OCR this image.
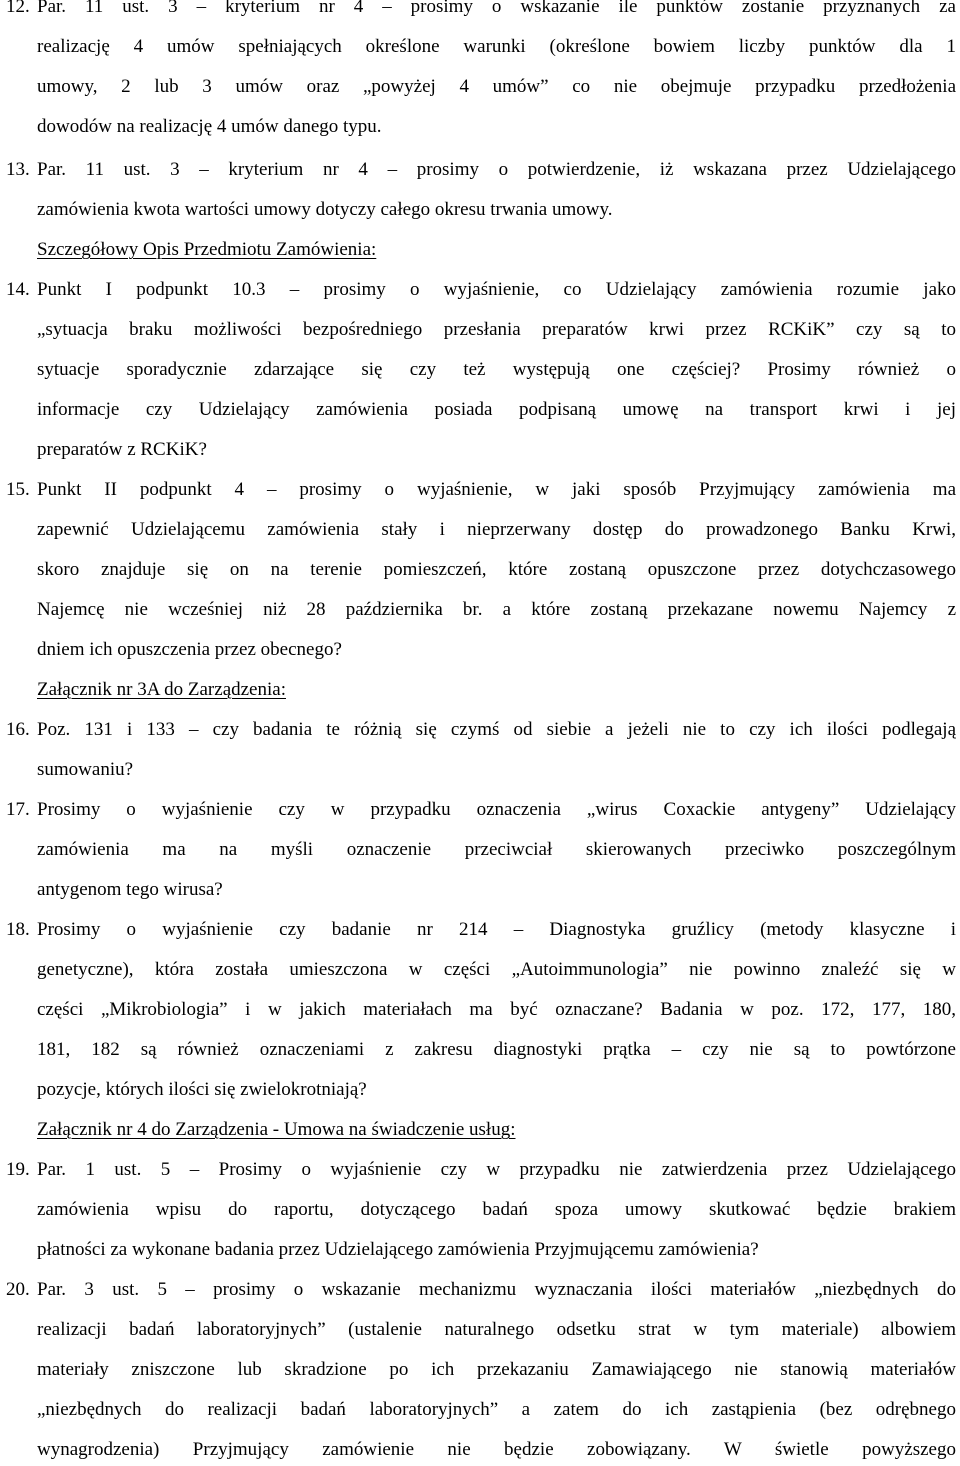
12. Par. 11 ust. 3 – kryterium nr 4 – prosimy o wskazanie ile punktów zostanie przyznanych za
realizację 4 umów spełniających określone warunki (określone bowiem liczby punktów dla 1
umowy, 2 lub 3 umów oraz „powyżej 4 umów” co nie obejmuje przypadku przedłożenia
dowodów na realizację 4 umów danego typu.
13. Par. 11 ust. 3 – kryterium nr 4 – prosimy o potwierdzenie, iż wskazana przez Udzielającego
zamówienia kwota wartości umowy dotyczy całego okresu trwania umowy.
Szczegółowy Opis Przedmiotu Zamówienia:
14. Punkt I podpunkt 10.3 – prosimy o wyjaśnienie, co Udzielający zamówienia rozumie jako
„sytuacja braku możliwości bezpośredniego przesłania preparatów krwi przez RCKiK” czy są to
sytuacje sporadycznie zdarzające się czy też występują one częściej? Prosimy również o
informacje czy Udzielający zamówienia posiada podpisaną umowę na transport krwi i jej
preparatów z RCKiK?
15. Punkt II podpunkt 4 – prosimy o wyjaśnienie, w jaki sposób Przyjmujący zamówienia ma
zapewnić Udzielającemu zamówienia stały i nieprzerwany dostęp do prowadzonego Banku Krwi,
skoro znajduje się on na terenie pomieszczeń, które zostaną opuszczone przez dotychczasowego
Najemcę nie wcześniej niż 28 października br. a które zostaną przekazane nowemu Najemcy z
dniem ich opuszczenia przez obecnego?
Załącznik nr 3A do Zarządzenia:
16. Poz. 131 i 133 – czy badania te różnią się czymś od siebie a jeżeli nie to czy ich ilości podlegają
sumowaniu?
17. Prosimy o wyjaśnienie czy w przypadku oznaczenia „wirus Coxackie antygeny” Udzielający
zamówienia ma na myśli oznaczenie przeciwciał skierowanych przeciwko poszczególnym
antygenom tego wirusa?
18. Prosimy o wyjaśnienie czy badanie nr 214 – Diagnostyka gruźlicy (metody klasyczne i
genetyczne), która została umieszczona w części „Autoimmunologia” nie powinno znaleźć się w
części „Mikrobiologia” i w jakich materiałach ma być oznaczane? Badania w poz. 172, 177, 180,
181, 182 są również oznaczeniami z zakresu diagnostyki prątka – czy nie są to powtórzone
pozycje, których ilości się zwielokrotniają?
Załącznik nr 4 do Zarządzenia - Umowa na świadczenie usług:
19. Par. 1 ust. 5 – Prosimy o wyjaśnienie czy w przypadku nie zatwierdzenia przez Udzielającego
zamówienia wpisu do raportu, dotyczącego badań spoza umowy skutkować będzie brakiem
płatności za wykonane badania przez Udzielającego zamówienia Przyjmującemu zamówienia?
20. Par. 3 ust. 5 – prosimy o wskazanie mechanizmu wyznaczania ilości materiałów „niezbędnych do
realizacji badań laboratoryjnych” (ustalenie naturalnego odsetku strat w tym materiale) albowiem
materiały zniszczone lub skradzione po ich przekazaniu Zamawiającego nie stanowią materiałów
„niezbędnych do realizacji badań laboratoryjnych” a zatem do ich zastąpienia (bez odrębnego
wynagrodzenia) Przyjmujący zamówienie nie będzie zobowiązany. W świetle powyższego
